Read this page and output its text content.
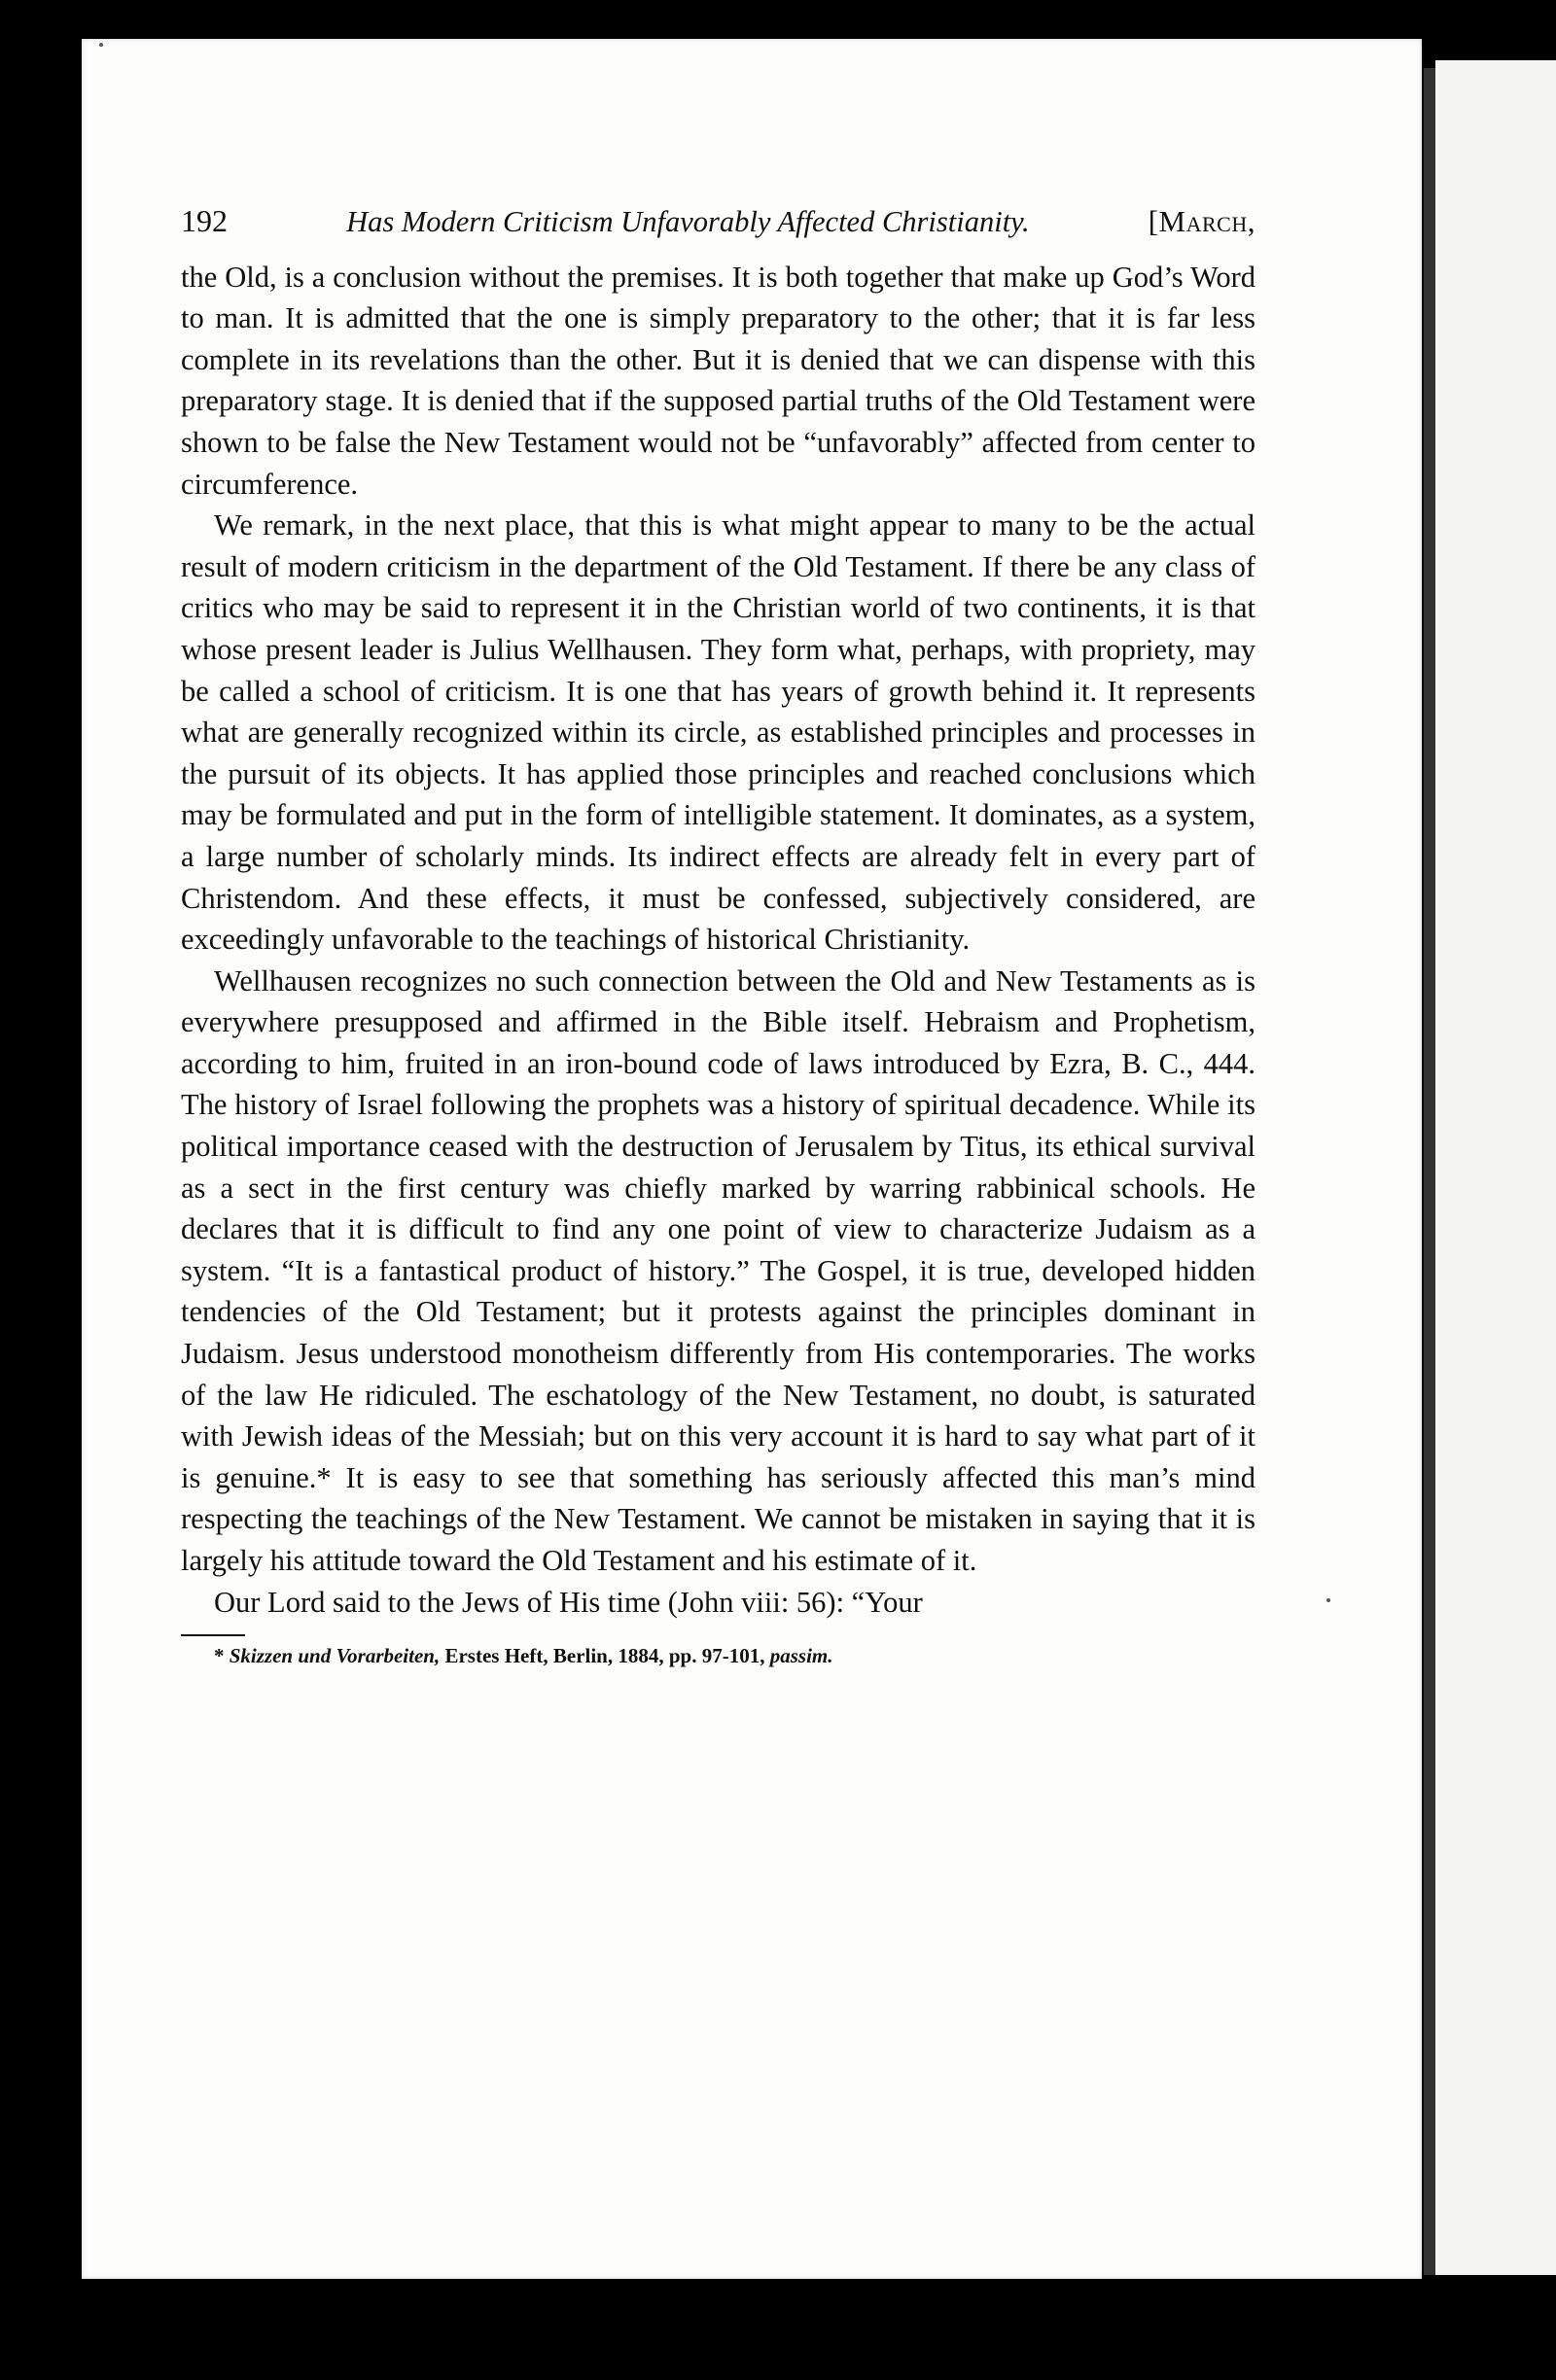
192	Has Modern Criticism Unfavorably Affected Christianity.	[March,

the Old, is a conclusion without the premises. It is both together that make up God’s Word to man. It is admitted that the one is simply preparatory to the other; that it is far less complete in its revelations than the other. But it is denied that we can dispense with this preparatory stage. It is denied that if the supposed partial truths of the Old Testament were shown to be false the New Testament would not be “unfavorably” affected from center to circumference.

We remark, in the next place, that this is what might appear to many to be the actual result of modern criticism in the department of the Old Testament. If there be any class of critics who may be said to represent it in the Christian world of two continents, it is that whose present leader is Julius Wellhausen. They form what, perhaps, with propriety, may be called a school of criticism. It is one that has years of growth behind it. It represents what are generally recognized within its circle, as established principles and processes in the pursuit of its objects. It has applied those principles and reached conclusions which may be formulated and put in the form of intelligible statement. It dominates, as a system, a large number of scholarly minds. Its indirect effects are already felt in every part of Christendom. And these effects, it must be confessed, subjectively considered, are exceedingly unfavorable to the teachings of historical Christianity.

Wellhausen recognizes no such connection between the Old and New Testaments as is everywhere presupposed and affirmed in the Bible itself. Hebraism and Prophetism, according to him, fruited in an iron-bound code of laws introduced by Ezra, B. C., 444. The history of Israel following the prophets was a history of spiritual decadence. While its political importance ceased with the destruction of Jerusalem by Titus, its ethical survival as a sect in the first century was chiefly marked by warring rabbinical schools. He declares that it is difficult to find any one point of view to characterize Judaism as a system. “It is a fantastical product of history.” The Gospel, it is true, developed hidden tendencies of the Old Testament; but it protests against the principles dominant in Judaism. Jesus understood monotheism differently from His contemporaries. The works of the law He ridiculed. The eschatology of the New Testament, no doubt, is saturated with Jewish ideas of the Messiah; but on this very account it is hard to say what part of it is genuine.* It is easy to see that something has seriously affected this man’s mind respecting the teachings of the New Testament. We cannot be mistaken in saying that it is largely his attitude toward the Old Testament and his estimate of it.

Our Lord said to the Jews of His time (John viii: 56): “Your

* Skizzen und Vorarbeiten, Erstes Heft, Berlin, 1884, pp. 97-101, passim.
